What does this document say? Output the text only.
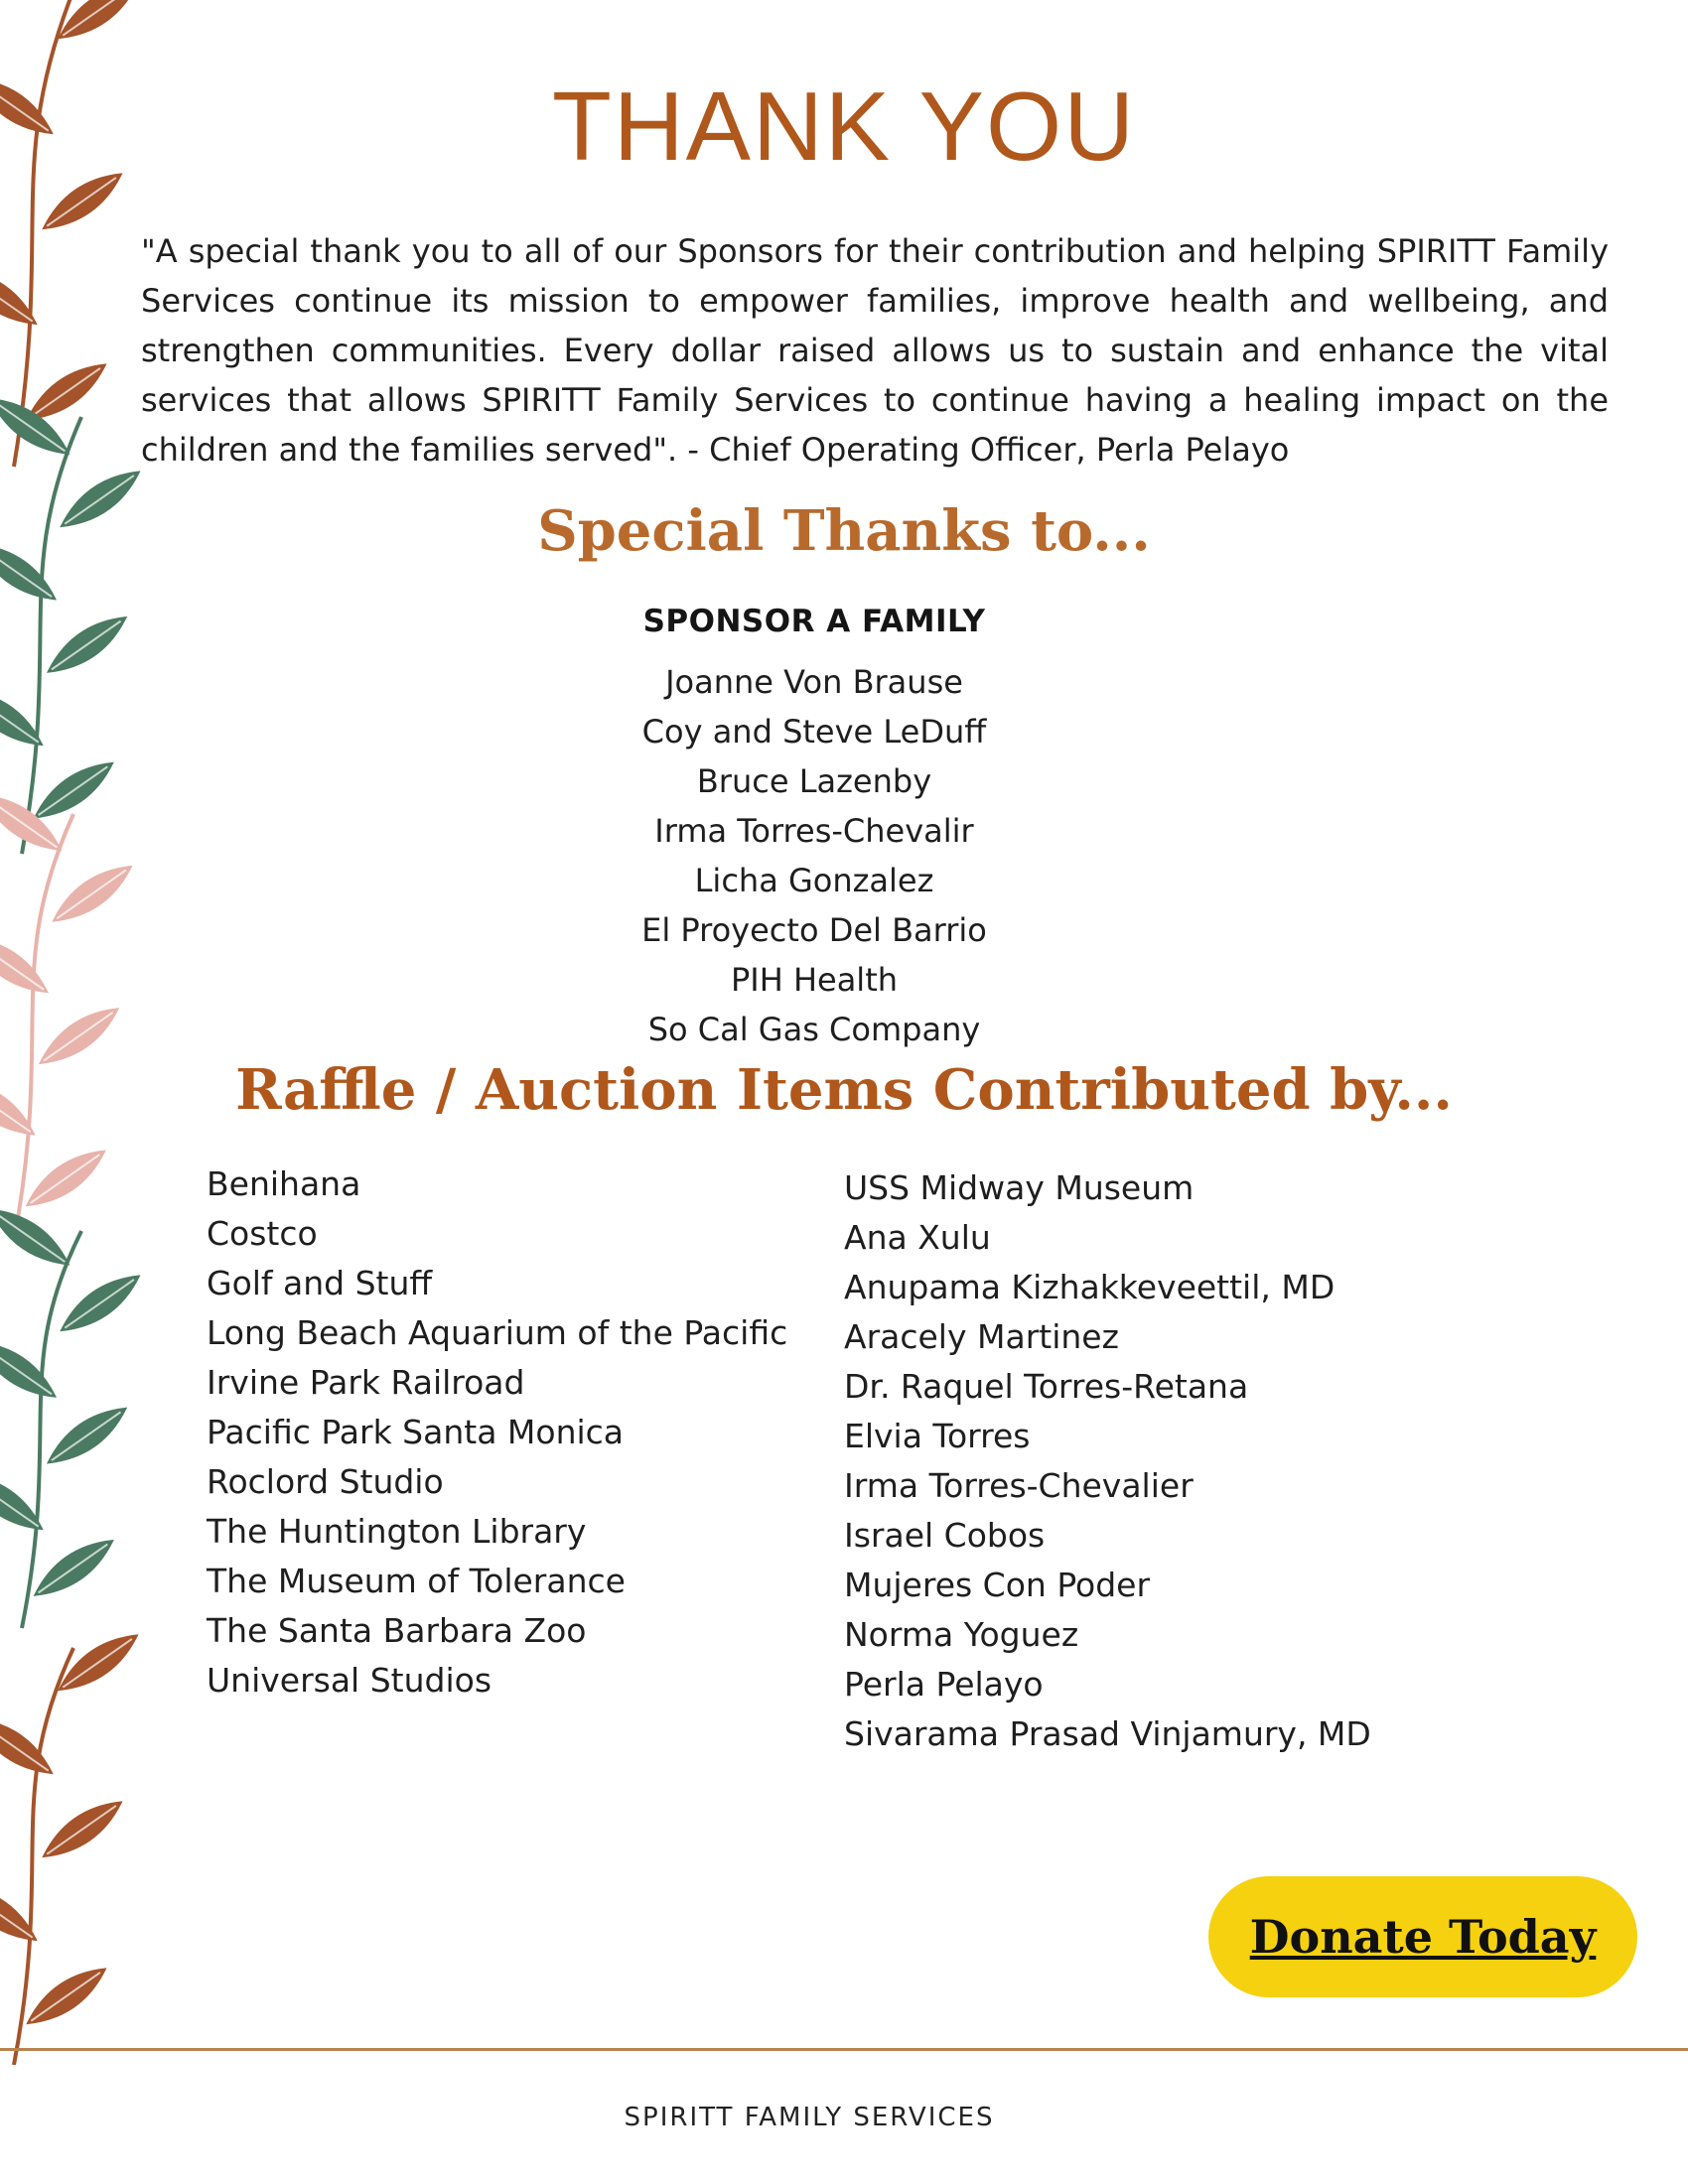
THANK YOU

"A special thank you to all of our Sponsors for their contribution and helping SPIRITT Family Services continue its mission to empower families, improve health and wellbeing, and strengthen communities. Every dollar raised allows us to sustain and enhance the vital services that allows SPIRITT Family Services to continue having a healing impact on the children and the families served". - Chief Operating Officer, Perla Pelayo

Special Thanks to...
SPONSOR A FAMILY
Joanne Von Brause
Coy and Steve LeDuff
Bruce Lazenby
Irma Torres-Chevalir
Licha Gonzalez
El Proyecto Del Barrio
PIH Health
So Cal Gas Company
Raffle / Auction Items Contributed by...
Benihana
Costco
Golf and Stuff
Long Beach Aquarium of the Pacific
Irvine Park Railroad
Pacific Park Santa Monica
Roclord Studio
The Huntington Library
The Museum of Tolerance
The Santa Barbara Zoo
Universal Studios
USS Midway Museum
Ana Xulu
Anupama Kizhakkeveettil, MD
Aracely Martinez
Dr. Raquel Torres-Retana
Elvia Torres
Irma Torres-Chevalier
Israel Cobos
Mujeres Con Poder
Norma Yoguez
Perla Pelayo
Sivarama Prasad Vinjamury, MD
Donate Today
SPIRITT FAMILY SERVICES
